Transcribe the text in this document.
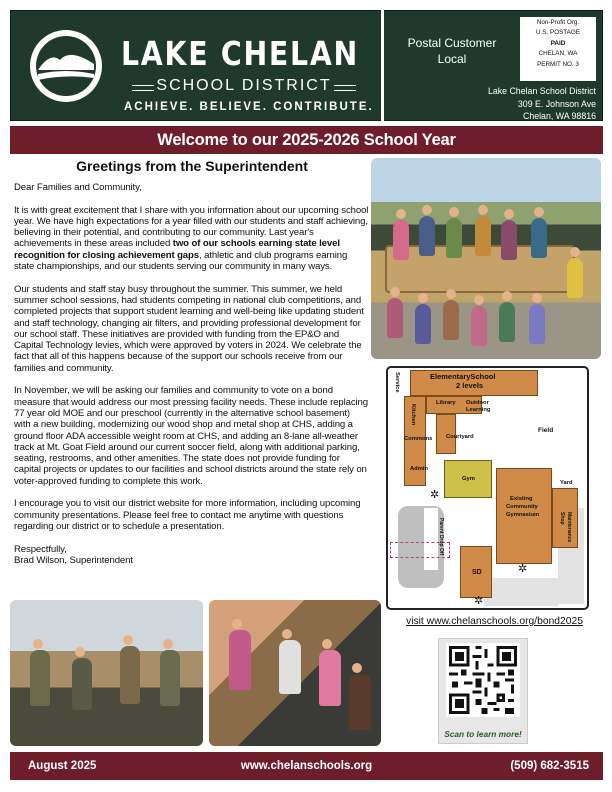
LAKE CHELAN
SCHOOL DISTRICT
ACHIEVE. BELIEVE. CONTRIBUTE.
Postal Customer
Local
Non-Profit Org.
U.S. POSTAGE
PAID
CHELAN, WA
PERMIT NO. 3
Lake Chelan School District
309 E. Johnson Ave
Chelan, WA 98816
Welcome to our 2025-2026 School Year
Greetings from the Superintendent

Dear Families and Community,

It is with great excitement that I share with you information about our upcoming school year. We have high expectations for a year filled with our students and staff achieving, believing in their potential, and contributing to our community. Last year's achievements in these areas included two of our schools earning state level recognition for closing achievement gaps, athletic and club programs earning state championships, and our students serving our community in many ways.

Our students and staff stay busy throughout the summer. This summer, we held summer school sessions, had students competing in national club competitions, and completed projects that support student learning and well-being like updating student and staff technology, changing air filters, and providing professional development for our school staff. These initiatives are provided with funding from the EP&O and Capital Technology levies, which were approved by voters in 2024. We celebrate the fact that all of this happens because of the support our schools receive from our families and community.

In November, we will be asking our families and community to vote on a bond measure that would address our most pressing facility needs. These include replacing 77 year old MOE and our preschool (currently in the alternative school basement) with a new building, modernizing our wood shop and metal shop at CHS, adding a ground floor ADA accessible weight room at CHS, and adding an 8-lane all-weather track at Mt. Goat Field around our current soccer field, along with additional parking, seating, restrooms, and other amenities. The state does not provide funding for capital projects or updates to our facilities and school districts around the state rely on voter-approved funding to complete this work.

I encourage you to visit our district website for more information, including upcoming community presentations. Please feel free to contact me anytime with questions regarding our district or to schedule a presentation.

Respectfully,

Brad Wilson, Superintendent

ElementarySchool
2 levels
Service
Kitchen
Library Outdoor
Learning
Commons Courtyard
Field
Admin
Gym
Yard
Existing
Community
Gymnasium
Parent Drop Off	Maintenance Shop
SD
✲
✲
✲
visit www.chelanschools.org/bond2025
Scan to learn more!
August 2025	www.chelanschools.org	(509) 682-3515
